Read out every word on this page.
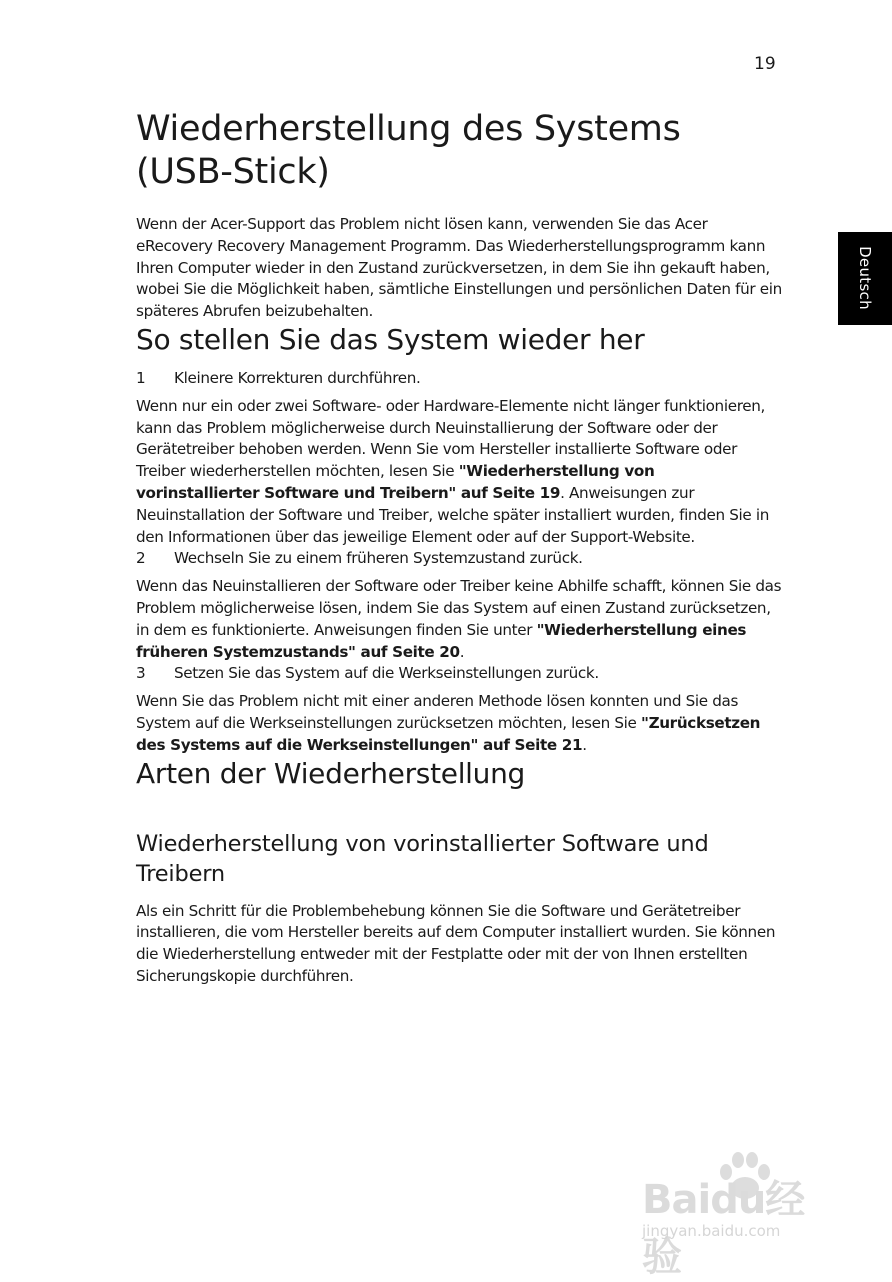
19
Deutsch
Wiederherstellung des Systems (USB-Stick)

Wenn der Acer-Support das Problem nicht lösen kann, verwenden Sie das Acer eRecovery Recovery Management Programm. Das Wiederherstellungsprogramm kann Ihren Computer wieder in den Zustand zurückversetzen, in dem Sie ihn gekauft haben, wobei Sie die Möglichkeit haben, sämtliche Einstellungen und persönlichen Daten für ein späteres Abrufen beizubehalten.

So stellen Sie das System wieder her
1	Kleinere Korrekturen durchführen.

Wenn nur ein oder zwei Software- oder Hardware-Elemente nicht länger funktionieren, kann das Problem möglicherweise durch Neuinstallierung der Software oder der Gerätetreiber behoben werden. Wenn Sie vom Hersteller installierte Software oder Treiber wiederherstellen möchten, lesen Sie "Wiederherstellung von vorinstallierter Software und Treibern" auf Seite 19. Anweisungen zur Neuinstallation der Software und Treiber, welche später installiert wurden, finden Sie in den Informationen über das jeweilige Element oder auf der Support-Website.

2	Wechseln Sie zu einem früheren Systemzustand zurück.

Wenn das Neuinstallieren der Software oder Treiber keine Abhilfe schafft, können Sie das Problem möglicherweise lösen, indem Sie das System auf einen Zustand zurücksetzen, in dem es funktionierte. Anweisungen finden Sie unter "Wiederherstellung eines früheren Systemzustands" auf Seite 20.

3	Setzen Sie das System auf die Werkseinstellungen zurück.

Wenn Sie das Problem nicht mit einer anderen Methode lösen konnten und Sie das System auf die Werkseinstellungen zurücksetzen möchten, lesen Sie "Zurücksetzen des Systems auf die Werkseinstellungen" auf Seite 21.

Arten der Wiederherstellung
Wiederherstellung von vorinstallierter Software und Treibern

Als ein Schritt für die Problembehebung können Sie die Software und Gerätetreiber installieren, die vom Hersteller bereits auf dem Computer installiert wurden. Sie können die Wiederherstellung entweder mit der Festplatte oder mit der von Ihnen erstellten Sicherungskopie durchführen.

Baidu经验
jingyan.baidu.com
